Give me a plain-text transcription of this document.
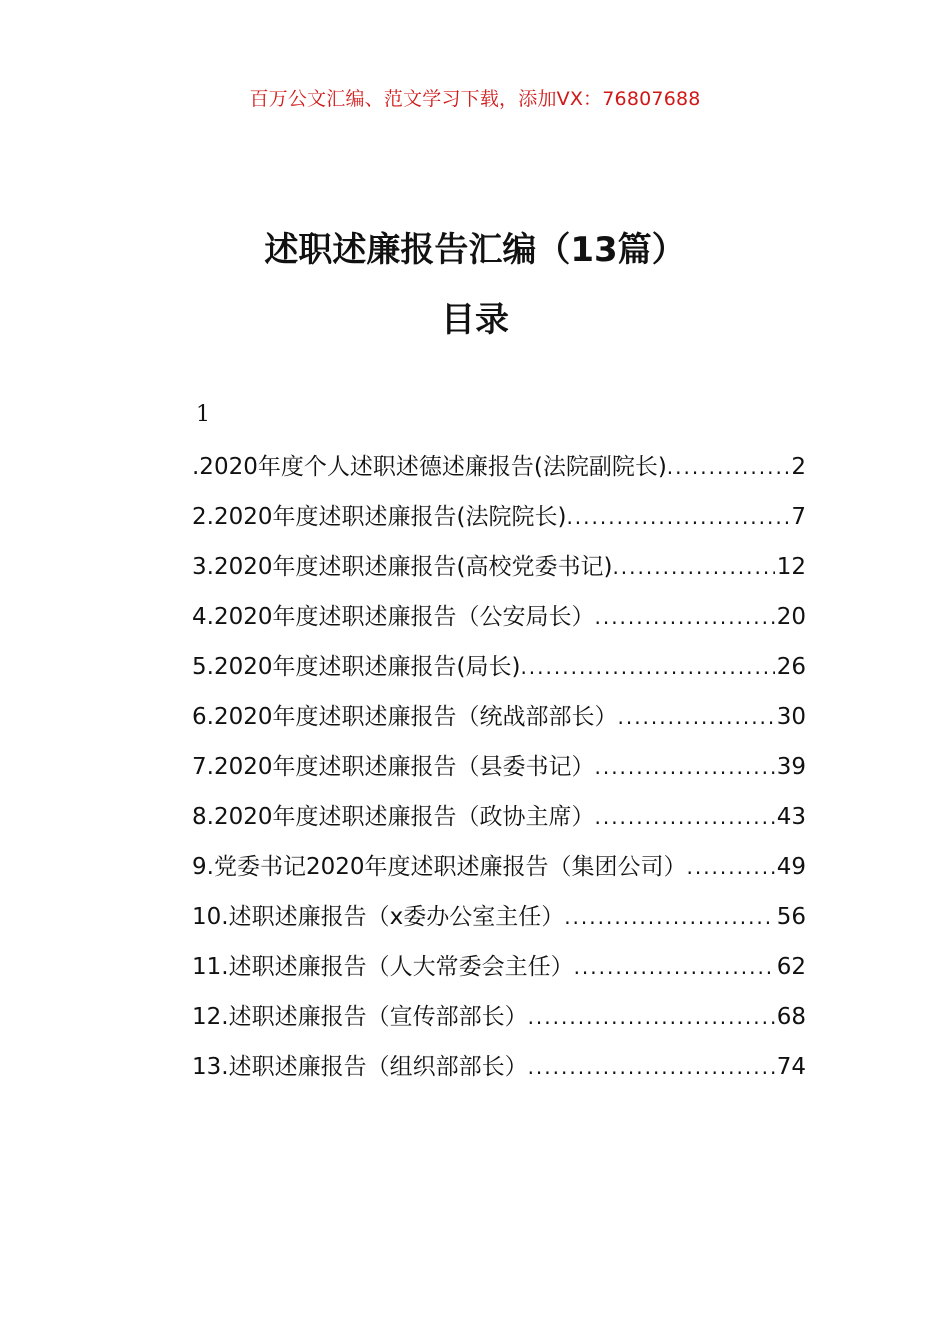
百万公文汇编、范文学习下载，添加VX：76807688
述职述廉报告汇编（13篇）
目录
1
.2020年度个人述职述德述廉报告(法院副院长) .....	2
2.2020年度述职述廉报告(法院院长) .....	7
3.2020年度述职述廉报告(高校党委书记) .....	12
4.2020年度述职述廉报告（公安局长） .....	20
5.2020年度述职述廉报告(局长) .....	26
6.2020年度述职述廉报告（统战部部长） .....	30
7.2020年度述职述廉报告（县委书记） .....	39
8.2020年度述职述廉报告（政协主席） .....	43
9.党委书记2020年度述职述廉报告（集团公司） .....	49
10.述职述廉报告（x委办公室主任） .....	56
11.述职述廉报告（人大常委会主任） .....	62
12.述职述廉报告（宣传部部长） .....	68
13.述职述廉报告（组织部部长） .....	74
